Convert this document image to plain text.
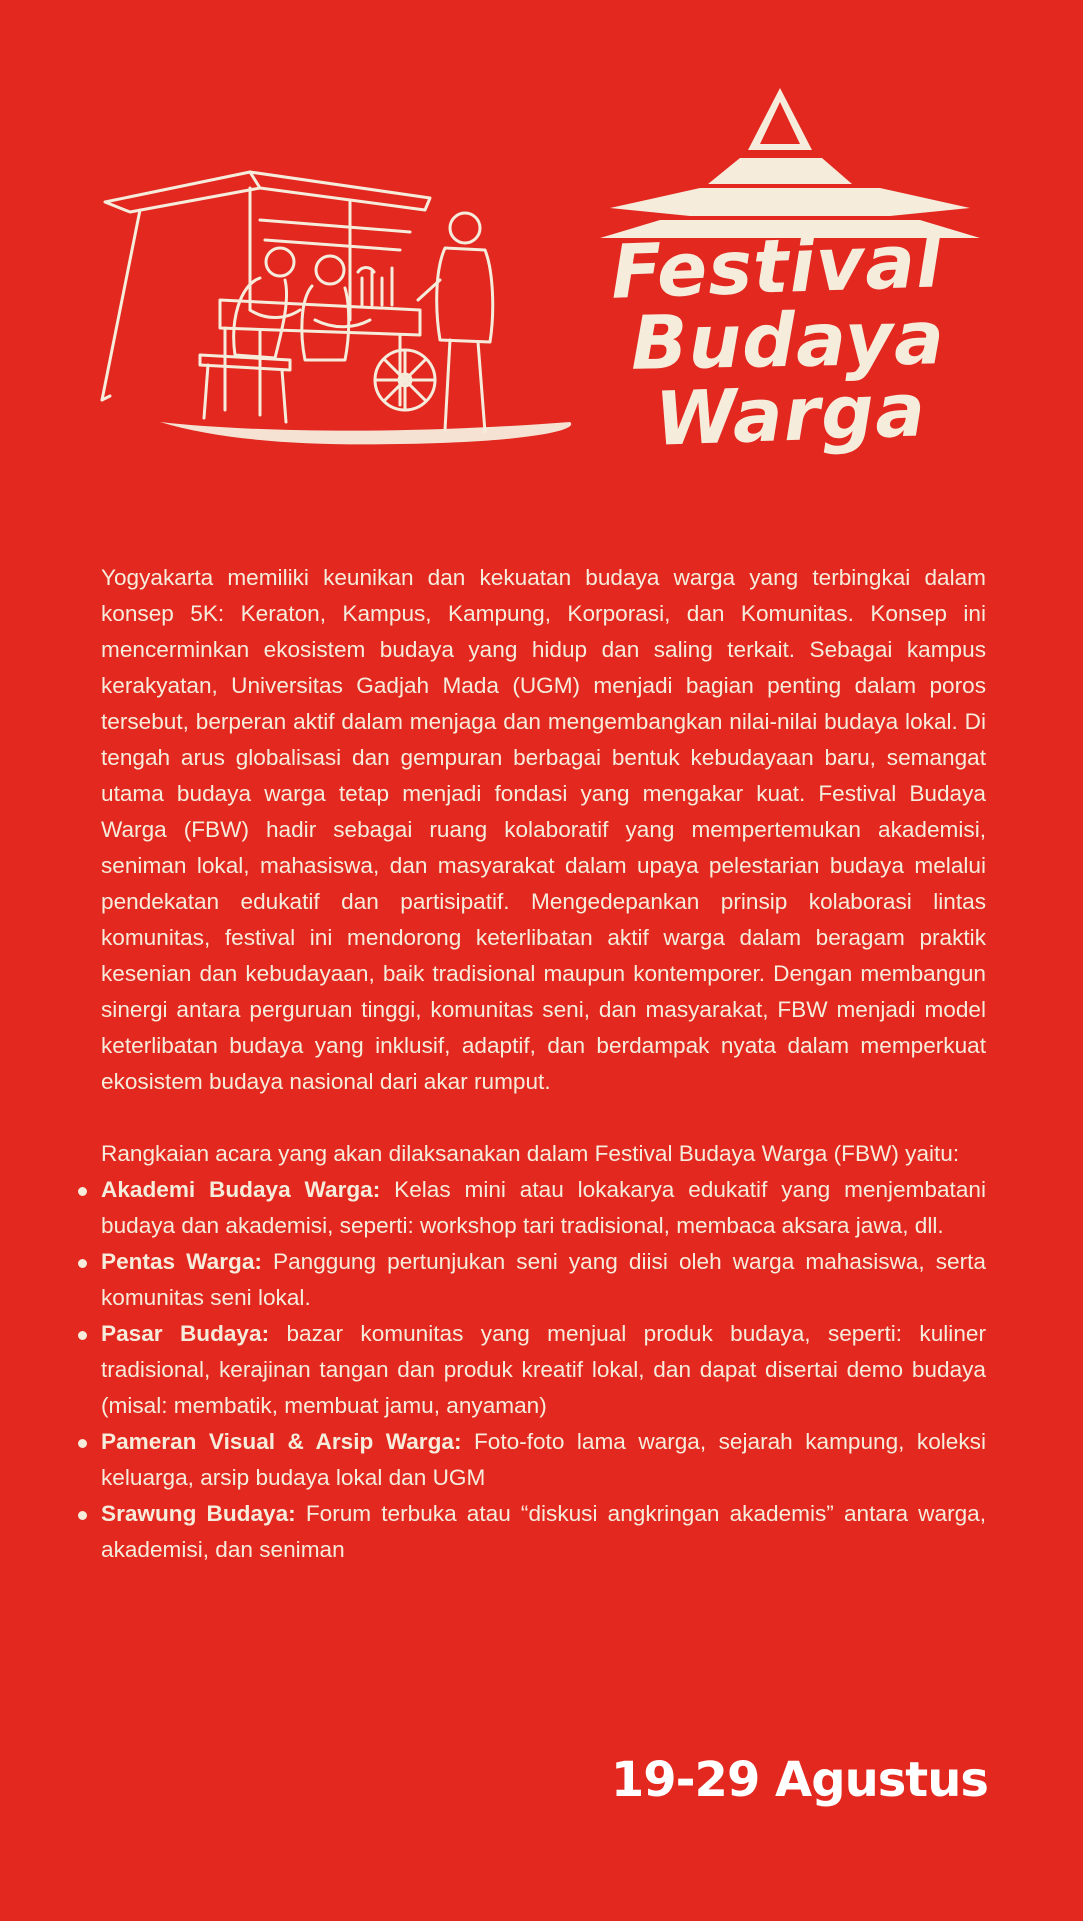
Festival
Budaya
Warga

Yogyakarta memiliki keunikan dan kekuatan budaya warga yang terbingkai dalam konsep 5K: Keraton, Kampus, Kampung, Korporasi, dan Komunitas. Konsep ini mencerminkan ekosistem budaya yang hidup dan saling terkait. Sebagai kampus kerakyatan, Universitas Gadjah Mada (UGM) menjadi bagian penting dalam poros tersebut, berperan aktif dalam menjaga dan mengembangkan nilai-nilai budaya lokal. Di tengah arus globalisasi dan gempuran berbagai bentuk kebudayaan baru, semangat utama budaya warga tetap menjadi fondasi yang mengakar kuat. Festival Budaya Warga (FBW) hadir sebagai ruang kolaboratif yang mempertemukan akademisi, seniman lokal, mahasiswa, dan masyarakat dalam upaya pelestarian budaya melalui pendekatan edukatif dan partisipatif. Mengedepankan prinsip kolaborasi lintas komunitas, festival ini mendorong keterlibatan aktif warga dalam beragam praktik kesenian dan kebudayaan, baik tradisional maupun kontemporer. Dengan membangun sinergi antara perguruan tinggi, komunitas seni, dan masyarakat, FBW menjadi model keterlibatan budaya yang inklusif, adaptif, dan berdampak nyata dalam memperkuat ekosistem budaya nasional dari akar rumput.

Rangkaian acara yang akan dilaksanakan dalam Festival Budaya Warga (FBW) yaitu:

Akademi Budaya Warga: Kelas mini atau lokakarya edukatif yang menjembatani budaya dan akademisi, seperti: workshop tari tradisional, membaca aksara jawa, dll.
Pentas Warga: Panggung pertunjukan seni yang diisi oleh warga mahasiswa, serta komunitas seni lokal.
Pasar Budaya: bazar komunitas yang menjual produk budaya, seperti: kuliner tradisional, kerajinan tangan dan produk kreatif lokal, dan dapat disertai demo budaya (misal: membatik, membuat jamu, anyaman)
Pameran Visual & Arsip Warga: Foto-foto lama warga, sejarah kampung, koleksi keluarga, arsip budaya lokal dan UGM
Srawung Budaya: Forum terbuka atau “diskusi angkringan akademis” antara warga, akademisi, dan seniman
19-29 Agustus
